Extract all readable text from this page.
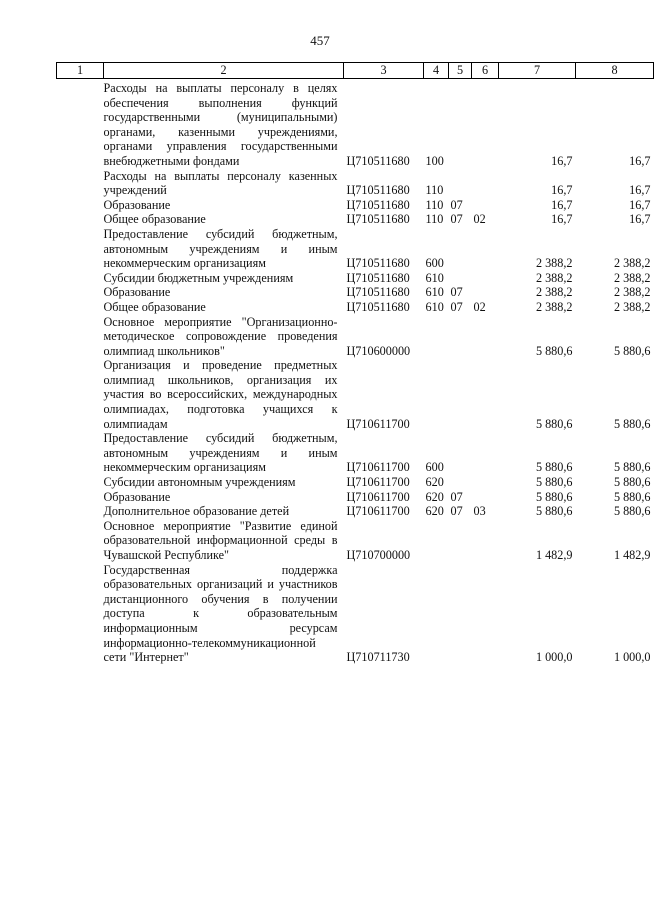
457
1	2	3	4	5	6	7	8
	Расходы на выплаты персоналу в целях обеспечения выполнения функций государственными (муниципальными) органами, казенными учреждениями, органами управления государственными внебюджетными фондами	Ц710511680	100			16,7	16,7
	Расходы на выплаты персоналу казенных учреждений	Ц710511680	110			16,7	16,7
	Образование	Ц710511680	110	07		16,7	16,7
	Общее образование	Ц710511680	110	07	02	16,7	16,7
	Предоставление субсидий бюджетным, автономным учреждениям и иным некоммерческим организациям	Ц710511680	600			2 388,2	2 388,2
	Субсидии бюджетным учреждениям	Ц710511680	610			2 388,2	2 388,2
	Образование	Ц710511680	610	07		2 388,2	2 388,2
	Общее образование	Ц710511680	610	07	02	2 388,2	2 388,2
	Основное мероприятие "Организационно-методическое сопровождение проведения олимпиад школьников"	Ц710600000				5 880,6	5 880,6
	Организация и проведение предметных олимпиад школьников, организация их участия во всероссийских, международных олимпиадах, подготовка учащихся к олимпиадам	Ц710611700				5 880,6	5 880,6
	Предоставление субсидий бюджетным, автономным учреждениям и иным некоммерческим организациям	Ц710611700	600			5 880,6	5 880,6
	Субсидии автономным учреждениям	Ц710611700	620			5 880,6	5 880,6
	Образование	Ц710611700	620	07		5 880,6	5 880,6
	Дополнительное образование детей	Ц710611700	620	07	03	5 880,6	5 880,6
	Основное мероприятие "Развитие единой образовательной информационной среды в Чувашской Республике"	Ц710700000				1 482,9	1 482,9
	Государственная поддержка образовательных организаций и участников дистанционного обучения в получении доступа к образовательным информационным ресурсам информационно-телекоммуникационной сети "Интернет"	Ц710711730				1 000,0	1 000,0
